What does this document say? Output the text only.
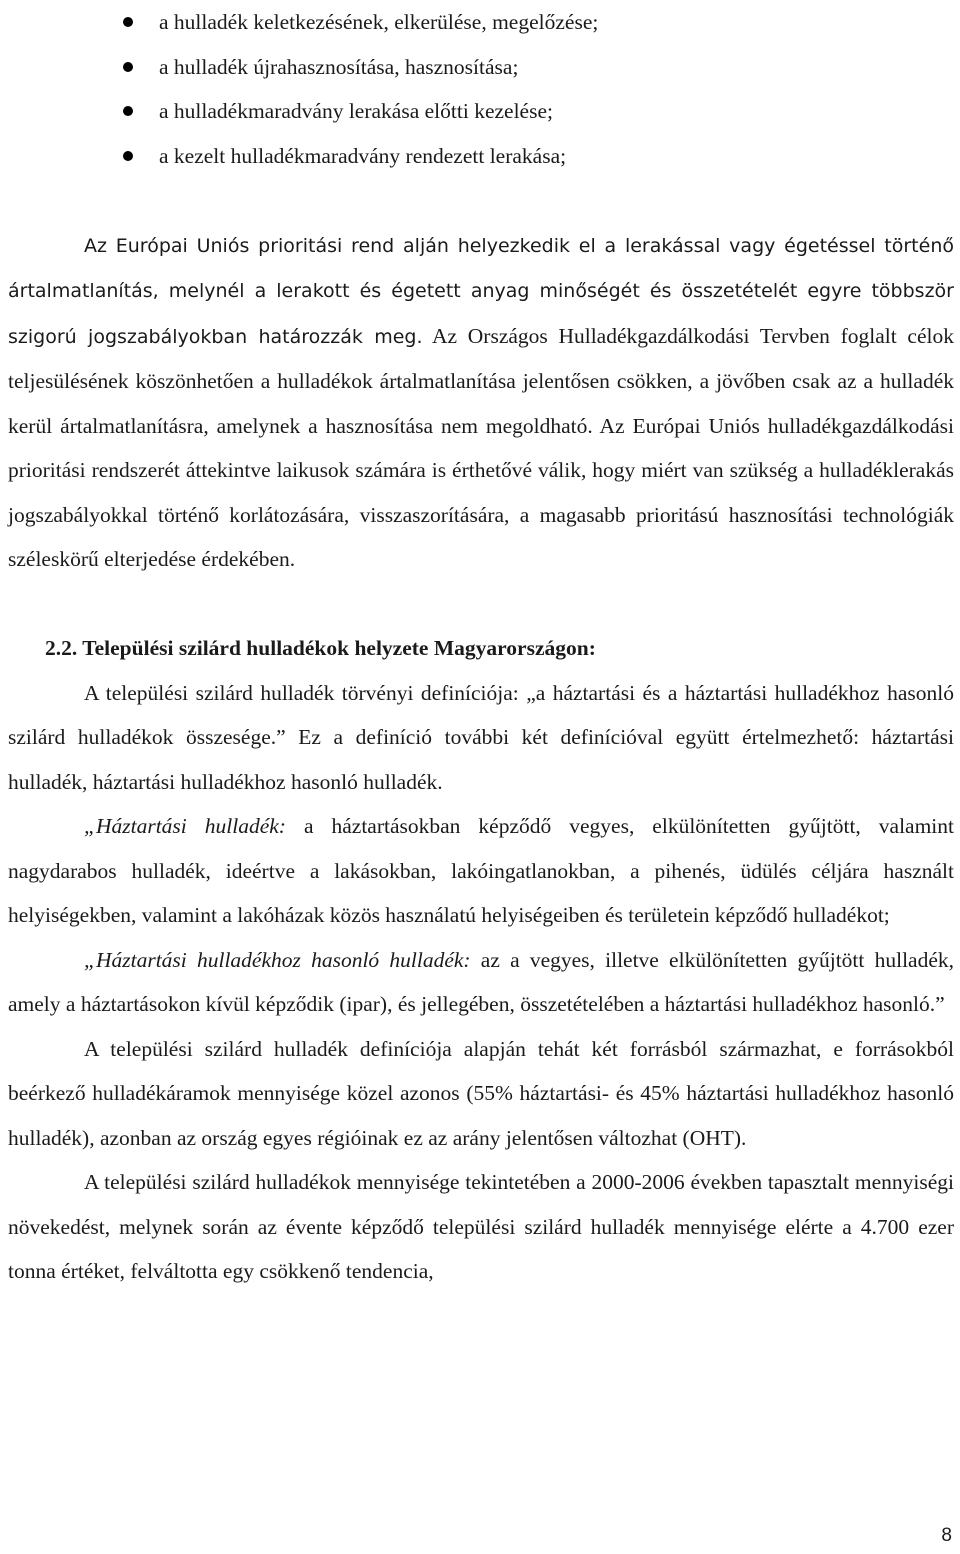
a hulladék keletkezésének, elkerülése, megelőzése;
a hulladék újrahasznosítása, hasznosítása;
a hulladékmaradvány lerakása előtti kezelése;
a kezelt hulladékmaradvány rendezett lerakása;

Az Európai Uniós prioritási rend alján helyezkedik el a lerakással vagy égetéssel történő ártalmatlanítás, melynél a lerakott és égetett anyag minőségét és összetételét egyre többször szigorú jogszabályokban határozzák meg. Az Országos Hulladékgazdálkodási Tervben foglalt célok teljesülésének köszönhetően a hulladékok ártalmatlanítása jelentősen csökken, a jövőben csak az a hulladék kerül ártalmatlanításra, amelynek a hasznosítása nem megoldható. Az Európai Uniós hulladékgazdálkodási prioritási rendszerét áttekintve laikusok számára is érthetővé válik, hogy miért van szükség a hulladéklerakás jogszabályokkal történő korlátozására, visszaszorítására, a magasabb prioritású hasznosítási technológiák széleskörű elterjedése érdekében.

2.2. Települési szilárd hulladékok helyzete Magyarországon:

A települési szilárd hulladék törvényi definíciója: „a háztartási és a háztartási hulladékhoz hasonló szilárd hulladékok összesége.” Ez a definíció további két definícióval együtt értelmezhető: háztartási hulladék, háztartási hulladékhoz hasonló hulladék.

„Háztartási hulladék: a háztartásokban képződő vegyes, elkülönítetten gyűjtött, valamint nagydarabos hulladék, ideértve a lakásokban, lakóingatlanokban, a pihenés, üdülés céljára használt helyiségekben, valamint a lakóházak közös használatú helyiségeiben és területein képződő hulladékot;

„Háztartási hulladékhoz hasonló hulladék: az a vegyes, illetve elkülönítetten gyűjtött hulladék, amely a háztartásokon kívül képződik (ipar), és jellegében, összetételében a háztartási hulladékhoz hasonló.”

A települési szilárd hulladék definíciója alapján tehát két forrásból származhat, e forrásokból beérkező hulladékáramok mennyisége közel azonos (55% háztartási- és 45% háztartási hulladékhoz hasonló hulladék), azonban az ország egyes régióinak ez az arány jelentősen változhat (OHT).

A települési szilárd hulladékok mennyisége tekintetében a 2000-2006 években tapasztalt mennyiségi növekedést, melynek során az évente képződő települési szilárd hulladék mennyisége elérte a 4.700 ezer tonna értéket, felváltotta egy csökkenő tendencia,

8
